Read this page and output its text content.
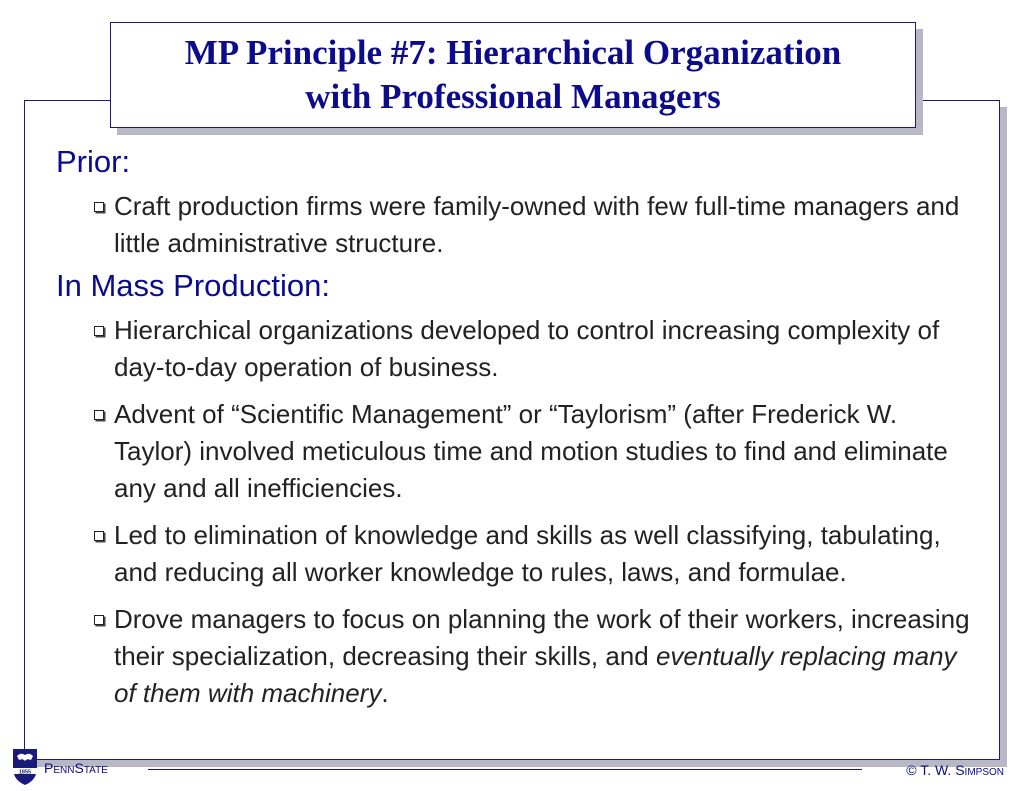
MP Principle #7: Hierarchical Organization
with Professional Managers
Prior:
Craft production firms were family-owned with few full-time managers and little administrative structure.
In Mass Production:
Hierarchical organizations developed to control increasing complexity of day-to-day operation of business.
Advent of “Scientific Management” or “Taylorism” (after Frederick W. Taylor) involved meticulous time and motion studies to find and eliminate any and all inefficiencies.
Led to elimination of knowledge and skills as well classifying, tabulating, and reducing all worker knowledge to rules, laws, and formulae.
Drove managers to focus on planning the work of their workers, increasing their specialization, decreasing their skills, and eventually replacing many of them with machinery.
1855 PENNSTATE	© T. W. SIMPSON
